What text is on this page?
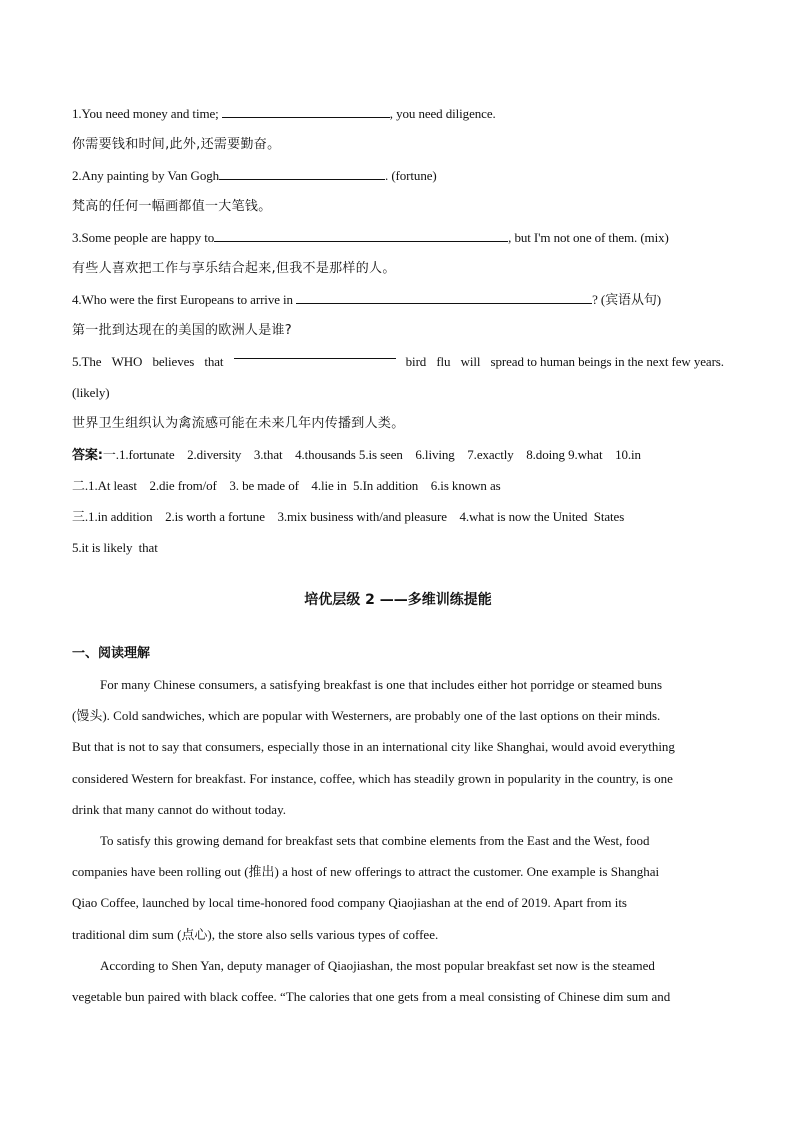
1.You need money and time;	, you need diligence.
你需要钱和时间,此外,还需要勤奋。
2.Any painting by Van Gogh	. (fortune)
梵高的任何一幅画都值一大笔钱。
3.Some people are happy to	, but I'm not one of them. (mix)
有些人喜欢把工作与享乐结合起来,但我不是那样的人。
4.Who were the first Europeans to arrive in	? (宾语从句)
第一批到达现在的美国的欧洲人是谁?
5.The WHO believes that	bird flu will spread to human beings in the next few years.
(likely)
世界卫生组织认为禽流感可能在未来几年内传播到人类。
答案:一.1.fortunate    2.diversity    3.that    4.thousands 5.is seen    6.living    7.exactly    8.doing 9.what    10.in
二.1.At least    2.die from/of    3. be made of    4.lie in  5.In addition    6.is known as
三.1.in addition    2.is worth a fortune    3.mix business with/and pleasure    4.what is now the United  States
5.it is likely  that
培优层级 2 ——多维训练提能
一、阅读理解
For many Chinese consumers, a satisfying breakfast is one that includes either hot porridge or steamed buns
(馒头). Cold sandwiches, which are popular with Westerners, are probably one of the last options on their minds.
But that is not to say that consumers, especially those in an international city like Shanghai, would avoid everything
considered Western for breakfast. For instance, coffee, which has steadily grown in popularity in the country, is one
drink that many cannot do without today.
To satisfy this growing demand for breakfast sets that combine elements from the East and the West, food
companies have been rolling out (推出) a host of new offerings to attract the customer. One example is Shanghai
Qiao Coffee, launched by local time-honored food company Qiaojiashan at the end of 2019. Apart from its
traditional dim sum (点心), the store also sells various types of coffee.
According to Shen Yan, deputy manager of Qiaojiashan, the most popular breakfast set now is the steamed
vegetable bun paired with black coffee. “The calories that one gets from a meal consisting of Chinese dim sum and
